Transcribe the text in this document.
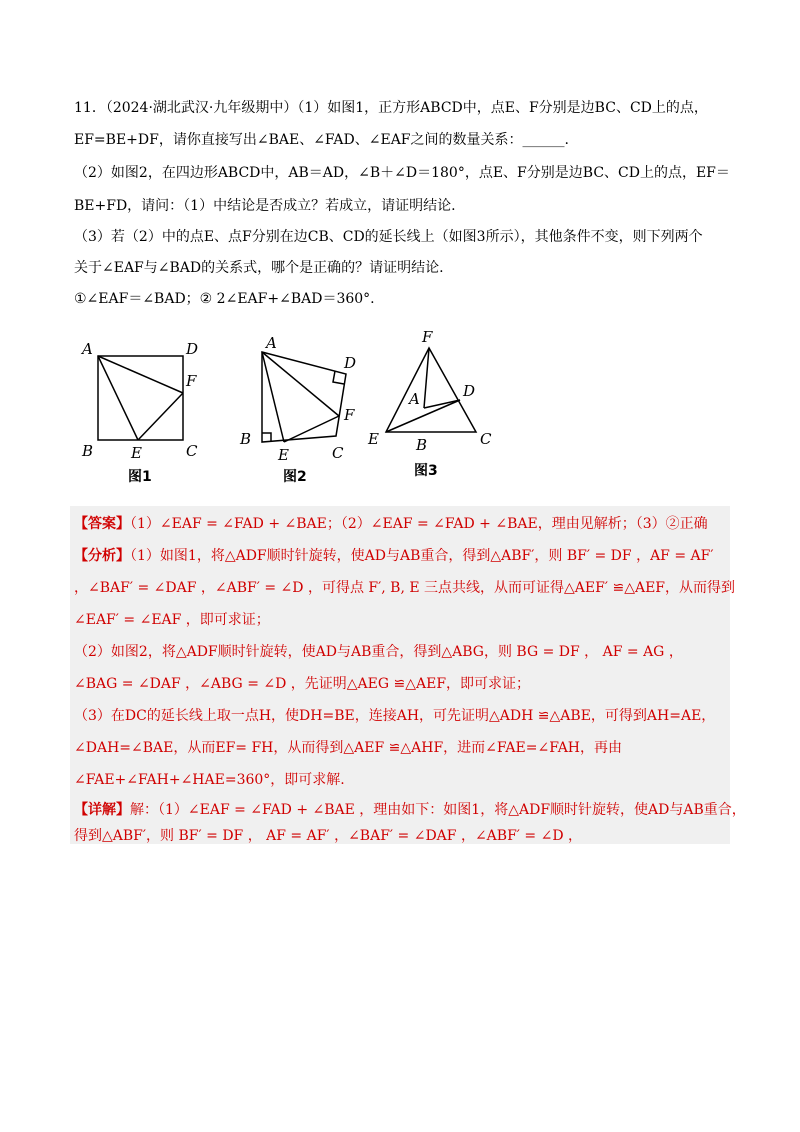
11．（2024·湖北武汉·九年级期中）（1）如图1，正方形ABCD中，点E、F分别是边BC、CD上的点，
EF=BE+DF，请你直接写出∠BAE、∠FAD、∠EAF之间的数量关系：______.
（2）如图2，在四边形ABCD中，AB＝AD，∠B＋∠D＝180°，点E、F分别是边BC、CD上的点，EF＝
BE+FD，请问：（1）中结论是否成立？若成立，请证明结论.
（3）若（2）中的点E、点F分别在边CB、CD的延长线上（如图3所示），其他条件不变，则下列两个
关于∠EAF与∠BAD的关系式，哪个是正确的？请证明结论.
①∠EAF＝∠BAD；② 2∠EAF+∠BAD＝360°.
A	D
F
B	E	C
图1
A
D
F
B
E	C
图2
F
A	D
E B	C
图3
【答案】（1）∠EAF = ∠FAD + ∠BAE；（2）∠EAF = ∠FAD + ∠BAE，理由见解析；（3）②正确
【分析】（1）如图1，将△ADF顺时针旋转，使AD与AB重合，得到△ABF′，则 BF′ = DF ，AF = AF′
，∠BAF′ = ∠DAF ，∠ABF′ = ∠D ，可得点 F′, B, E 三点共线，从而可证得△AEF′ ≌△AEF，从而得到
∠EAF′ = ∠EAF ，即可求证；
（2）如图2，将△ADF顺时针旋转，使AD与AB重合，得到△ABG，则 BG = DF ， AF = AG ，
∠BAG = ∠DAF ，∠ABG = ∠D ，先证明△AEG ≌△AEF，即可求证；
（3）在DC的延长线上取一点H，使DH=BE，连接AH，可先证明△ADH ≌△ABE，可得到AH=AE，
∠DAH=∠BAE，从而EF= FH，从而得到△AEF ≌△AHF，进而∠FAE=∠FAH，再由
∠FAE+∠FAH+∠HAE=360°，即可求解.
【详解】解：（1）∠EAF = ∠FAD + ∠BAE ，理由如下：如图1，将△ADF顺时针旋转，使AD与AB重合，
得到△ABF′，则 BF′ = DF ， AF = AF′ ，∠BAF′ = ∠DAF ，∠ABF′ = ∠D ，
